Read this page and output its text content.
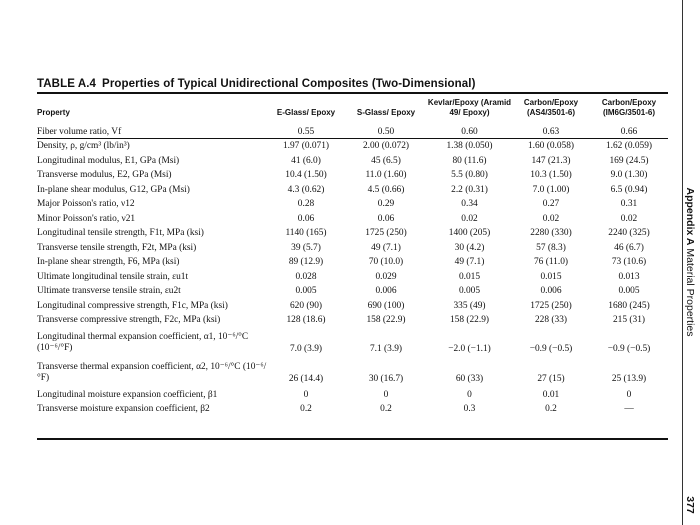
TABLE A.4 Properties of Typical Unidirectional Composites (Two-Dimensional)
Property	E-Glass/ Epoxy	S-Glass/ Epoxy	Kevlar/Epoxy (Aramid 49/ Epoxy)	Carbon/Epoxy (AS4/3501-6)	Carbon/Epoxy (IM6G/3501-6)
Fiber volume ratio, Vf	0.55	0.50	0.60	0.63	0.66
Density, ρ, g/cm³ (lb/in³)	1.97 (0.071)	2.00 (0.072)	1.38 (0.050)	1.60 (0.058)	1.62 (0.059)
Longitudinal modulus, E1, GPa (Msi)	41 (6.0)	45 (6.5)	80 (11.6)	147 (21.3)	169 (24.5)
Transverse modulus, E2, GPa (Msi)	10.4 (1.50)	11.0 (1.60)	5.5 (0.80)	10.3 (1.50)	9.0 (1.30)
In-plane shear modulus, G12, GPa (Msi)	4.3 (0.62)	4.5 (0.66)	2.2 (0.31)	7.0 (1.00)	6.5 (0.94)
Major Poisson's ratio, ν12	0.28	0.29	0.34	0.27	0.31
Minor Poisson's ratio, ν21	0.06	0.06	0.02	0.02	0.02
Longitudinal tensile strength, F1t, MPa (ksi)	1140 (165)	1725 (250)	1400 (205)	2280 (330)	2240 (325)
Transverse tensile strength, F2t, MPa (ksi)	39 (5.7)	49 (7.1)	30 (4.2)	57 (8.3)	46 (6.7)
In-plane shear strength, F6, MPa (ksi)	89 (12.9)	70 (10.0)	49 (7.1)	76 (11.0)	73 (10.6)
Ultimate longitudinal tensile strain, εu1t	0.028	0.029	0.015	0.015	0.013
Ultimate transverse tensile strain, εu2t	0.005	0.006	0.005	0.006	0.005
Longitudinal compressive strength, F1c, MPa (ksi)	620 (90)	690 (100)	335 (49)	1725 (250)	1680 (245)
Transverse compressive strength, F2c, MPa (ksi)	128 (18.6)	158 (22.9)	158 (22.9)	228 (33)	215 (31)
Longitudinal thermal expansion coefficient, α1, 10⁻⁶/°C (10⁻⁶/°F)	7.0 (3.9)	7.1 (3.9)	−2.0 (−1.1)	−0.9 (−0.5)	−0.9 (−0.5)
Transverse thermal expansion coefficient, α2, 10⁻⁶/°C (10⁻⁶/°F)	26 (14.4)	30 (16.7)	60 (33)	27 (15)	25 (13.9)
Longitudinal moisture expansion coefficient, β1	0	0	0	0.01	0
Transverse moisture expansion coefficient, β2	0.2	0.2	0.3	0.2	—
Appendix A Material Properties
377
